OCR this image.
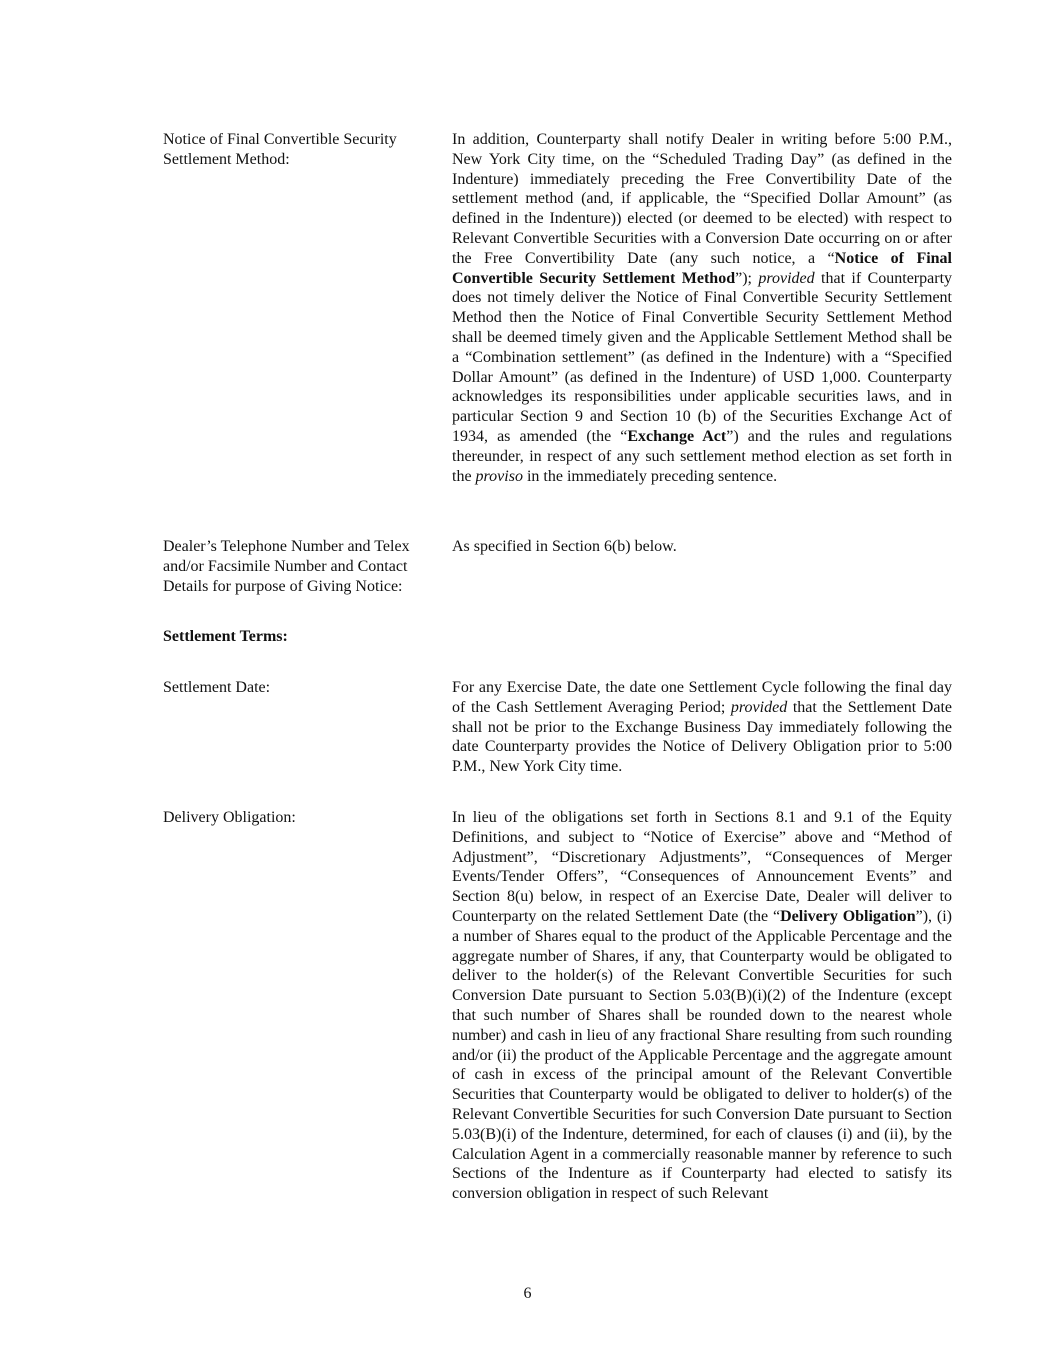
Notice of Final Convertible Security Settlement Method:
In addition, Counterparty shall notify Dealer in writing before 5:00 P.M., New York City time, on the “Scheduled Trading Day” (as defined in the Indenture) immediately preceding the Free Convertibility Date of the settlement method (and, if applicable, the “Specified Dollar Amount” (as defined in the Indenture)) elected (or deemed to be elected) with respect to Relevant Convertible Securities with a Conversion Date occurring on or after the Free Convertibility Date (any such notice, a “Notice of Final Convertible Security Settlement Method”); provided that if Counterparty does not timely deliver the Notice of Final Convertible Security Settlement Method then the Notice of Final Convertible Security Settlement Method shall be deemed timely given and the Applicable Settlement Method shall be a “Combination settlement” (as defined in the Indenture) with a “Specified Dollar Amount” (as defined in the Indenture) of USD 1,000. Counterparty acknowledges its responsibilities under applicable securities laws, and in particular Section 9 and Section 10 (b) of the Securities Exchange Act of 1934, as amended (the “Exchange Act”) and the rules and regulations thereunder, in respect of any such settlement method election as set forth in the proviso in the immediately preceding sentence.
Dealer’s Telephone Number and Telex and/or Facsimile Number and Contact Details for purpose of Giving Notice:
As specified in Section 6(b) below.
Settlement Terms:
Settlement Date:	For any Exercise Date, the date one Settlement Cycle following the final day of the Cash Settlement Averaging Period; provided that the Settlement Date shall not be prior to the Exchange Business Day immediately following the date Counterparty provides the Notice of Delivery Obligation prior to 5:00 P.M., New York City time.
Delivery Obligation:	In lieu of the obligations set forth in Sections 8.1 and 9.1 of the Equity Definitions, and subject to “Notice of Exercise” above and “Method of Adjustment”, “Discretionary Adjustments”, “Consequences of Merger Events/Tender Offers”, “Consequences of Announcement Events” and Section 8(u) below, in respect of an Exercise Date, Dealer will deliver to Counterparty on the related Settlement Date (the “Delivery Obligation”), (i) a number of Shares equal to the product of the Applicable Percentage and the aggregate number of Shares, if any, that Counterparty would be obligated to deliver to the holder(s) of the Relevant Convertible Securities for such Conversion Date pursuant to Section 5.03(B)(i)(2) of the Indenture (except that such number of Shares shall be rounded down to the nearest whole number) and cash in lieu of any fractional Share resulting from such rounding and/or (ii) the product of the Applicable Percentage and the aggregate amount of cash in excess of the principal amount of the Relevant Convertible Securities that Counterparty would be obligated to deliver to holder(s) of the Relevant Convertible Securities for such Conversion Date pursuant to Section 5.03(B)(i) of the Indenture, determined, for each of clauses (i) and (ii), by the Calculation Agent in a commercially reasonable manner by reference to such Sections of the Indenture as if Counterparty had elected to satisfy its conversion obligation in respect of such Relevant
6
